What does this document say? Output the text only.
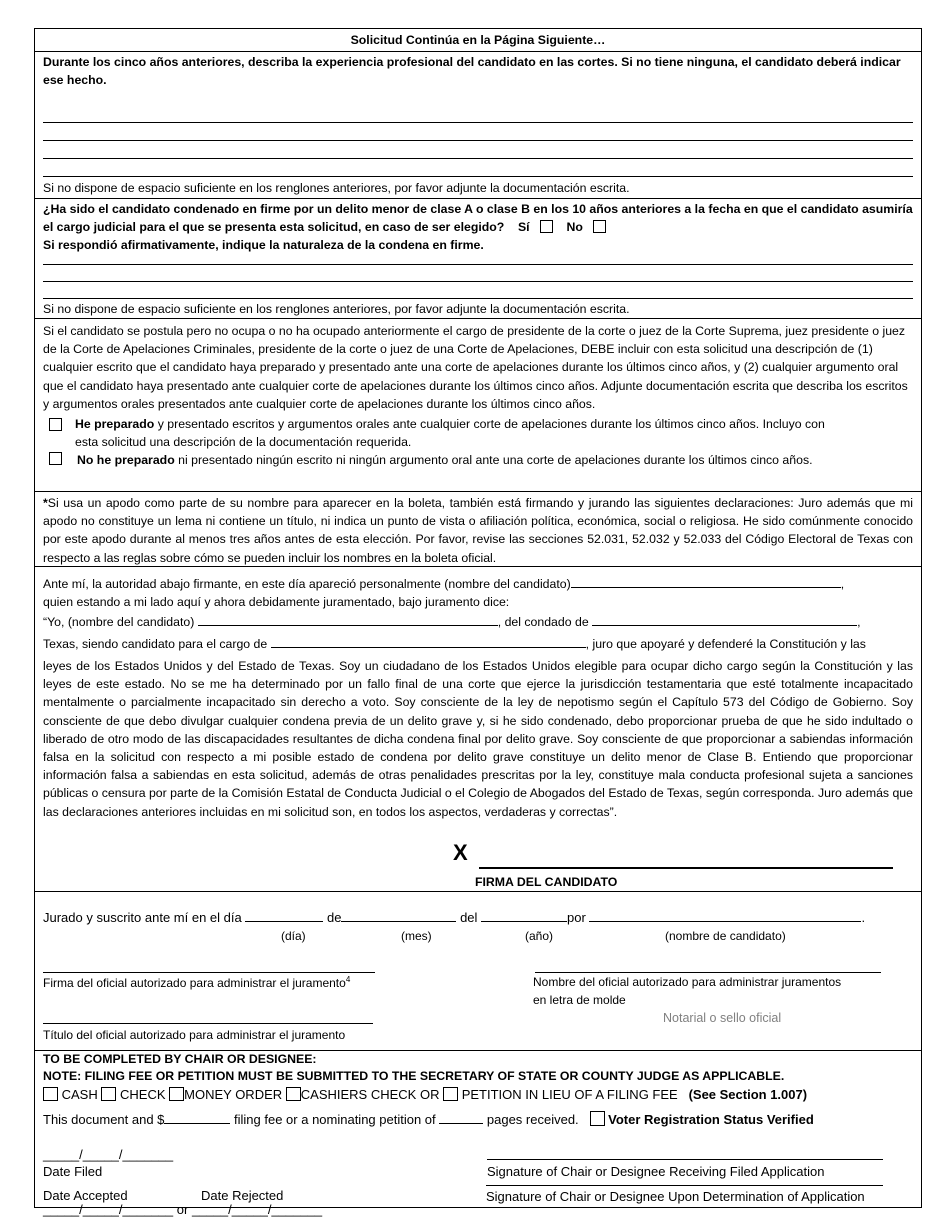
Solicitud Continúa en la Página Siguiente…
Durante los cinco años anteriores, describa la experiencia profesional del candidato en las cortes. Si no tiene ninguna, el candidato deberá indicar ese hecho.
Si no dispone de espacio suficiente en los renglones anteriores, por favor adjunte la documentación escrita.
¿Ha sido el candidato condenado en firme por un delito menor de clase A o clase B en los 10 años anteriores a la fecha en que el candidato asumiría el cargo judicial para el que se presenta esta solicitud, en caso de ser elegido? Sí	No
Si respondió afirmativamente, indique la naturaleza de la condena en firme.
Si no dispone de espacio suficiente en los renglones anteriores, por favor adjunte la documentación escrita.
Si el candidato se postula pero no ocupa o no ha ocupado anteriormente el cargo de presidente de la corte o juez de la Corte Suprema, juez presidente o juez de la Corte de Apelaciones Criminales, presidente de la corte o juez de una Corte de Apelaciones, DEBE incluir con esta solicitud una descripción de (1) cualquier escrito que el candidato haya preparado y presentado ante una corte de apelaciones durante los últimos cinco años, y (2) cualquier argumento oral que el candidato haya presentado ante cualquier corte de apelaciones durante los últimos cinco años. Adjunte documentación escrita que describa los escritos y argumentos orales presentados ante cualquier corte de apelaciones durante los últimos cinco años.
He preparado y presentado escritos y argumentos orales ante cualquier corte de apelaciones durante los últimos cinco años. Incluyo con
esta solicitud una descripción de la documentación requerida.
No he preparado ni presentado ningún escrito ni ningún argumento oral ante una corte de apelaciones durante los últimos cinco años.
*Si usa un apodo como parte de su nombre para aparecer en la boleta, también está firmando y jurando las siguientes declaraciones: Juro además que mi apodo no constituye un lema ni contiene un título, ni indica un punto de vista o afiliación política, económica, social o religiosa. He sido comúnmente conocido por este apodo durante al menos tres años antes de esta elección. Por favor, revise las secciones 52.031, 52.032 y 52.033 del Código Electoral de Texas con respecto a las reglas sobre cómo se pueden incluir los nombres en la boleta oficial.
Ante mí, la autoridad abajo firmante, en este día apareció personalmente (nombre del candidato)	,
quien estando a mi lado aquí y ahora debidamente juramentado, bajo juramento dice:
“Yo, (nombre del candidato)	, del condado de	,
Texas, siendo candidato para el cargo de	, juro que apoyaré y defenderé la Constitución y las
leyes de los Estados Unidos y del Estado de Texas. Soy un ciudadano de los Estados Unidos elegible para ocupar dicho cargo según la Constitución y las leyes de este estado. No se me ha determinado por un fallo final de una corte que ejerce la jurisdicción testamentaria que esté totalmente incapacitado mentalmente o parcialmente incapacitado sin derecho a voto. Soy consciente de la ley de nepotismo según el Capítulo 573 del Código de Gobierno. Soy consciente de que debo divulgar cualquier condena previa de un delito grave y, si he sido condenado, debo proporcionar prueba de que he sido indultado o liberado de otro modo de las discapacidades resultantes de dicha condena final por delito grave. Soy consciente de que proporcionar a sabiendas información falsa en la solicitud con respecto a mi posible estado de condena por delito grave constituye un delito menor de Clase B. Entiendo que proporcionar información falsa a sabiendas en esta solicitud, además de otras penalidades prescritas por la ley, constituye mala conducta profesional sujeta a sanciones públicas o censura por parte de la Comisión Estatal de Conducta Judicial o el Colegio de Abogados del Estado de Texas, según corresponda. Juro además que las declaraciones anteriores incluidas en mi solicitud son, en todos los aspectos, verdaderas y correctas”.
X
FIRMA DEL CANDIDATO
Jurado y suscrito ante mí en el día	de	del	por	.
(día)	(mes)	(año)	(nombre de candidato)
Firma del oficial autorizado para administrar el juramento$^4$	Nombre del oficial autorizado para administrar juramentos
en letra de molde
Notarial o sello oficial
Título del oficial autorizado para administrar el juramento
TO BE COMPLETED BY CHAIR OR DESIGNEE:
NOTE: FILING FEE OR PETITION MUST BE SUBMITTED TO THE SECRETARY OF STATE OR COUNTY JUDGE AS APPLICABLE.
CASH CHECK MONEY ORDER CASHIERS CHECK OR PETITION IN LIEU OF A FILING FEE (See Section 1.007)
This document and $	filing fee or a nominating petition of	pages received. Voter Registration Status Verified
_____/_____/_______
Date Filed	Signature of Chair or Designee Receiving Filed Application
_____/_____/_______ or _____/_____/_______
Date Accepted	Date Rejected	Signature of Chair or Designee Upon Determination of Application
